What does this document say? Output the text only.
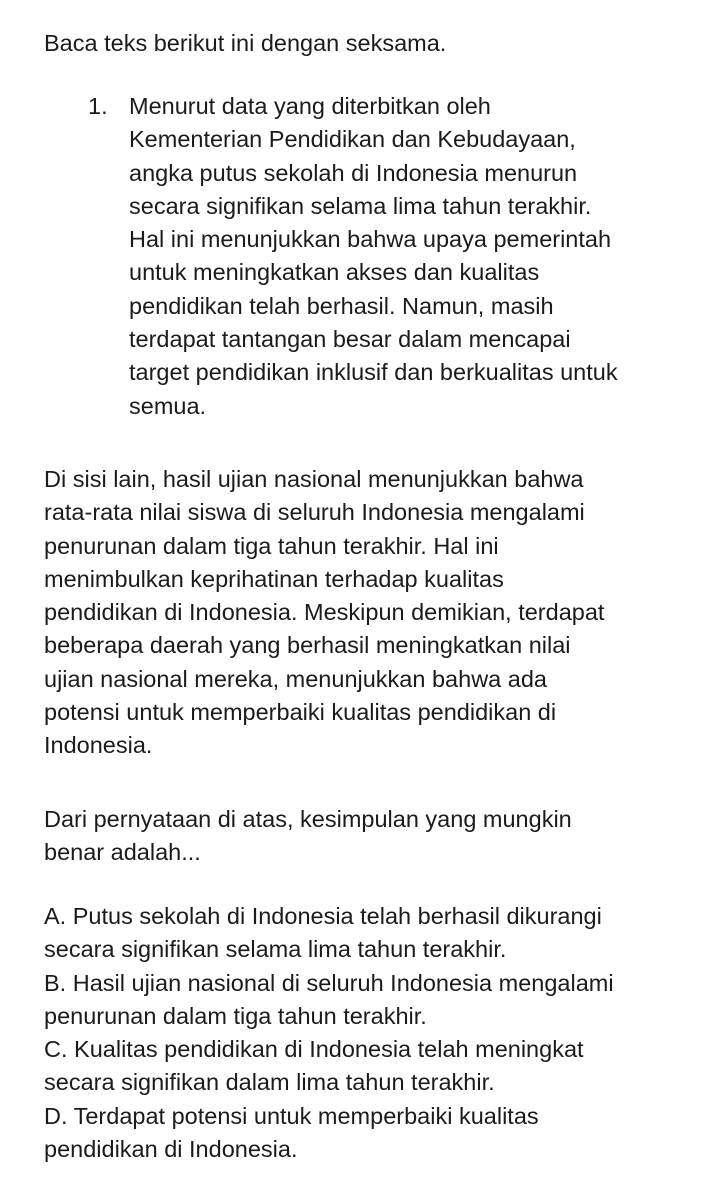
Baca teks berikut ini dengan seksama.

1. Menurut data yang diterbitkan oleh
Kementerian Pendidikan dan Kebudayaan,
angka putus sekolah di Indonesia menurun
secara signifikan selama lima tahun terakhir.
Hal ini menunjukkan bahwa upaya pemerintah
untuk meningkatkan akses dan kualitas
pendidikan telah berhasil. Namun, masih
terdapat tantangan besar dalam mencapai
target pendidikan inklusif dan berkualitas untuk
semua.
Di sisi lain, hasil ujian nasional menunjukkan bahwa
rata-rata nilai siswa di seluruh Indonesia mengalami
penurunan dalam tiga tahun terakhir. Hal ini
menimbulkan keprihatinan terhadap kualitas
pendidikan di Indonesia. Meskipun demikian, terdapat
beberapa daerah yang berhasil meningkatkan nilai
ujian nasional mereka, menunjukkan bahwa ada
potensi untuk memperbaiki kualitas pendidikan di
Indonesia.
Dari pernyataan di atas, kesimpulan yang mungkin
benar adalah...
A. Putus sekolah di Indonesia telah berhasil dikurangi
secara signifikan selama lima tahun terakhir.
B. Hasil ujian nasional di seluruh Indonesia mengalami
penurunan dalam tiga tahun terakhir.
C. Kualitas pendidikan di Indonesia telah meningkat
secara signifikan dalam lima tahun terakhir.
D. Terdapat potensi untuk memperbaiki kualitas
pendidikan di Indonesia.
